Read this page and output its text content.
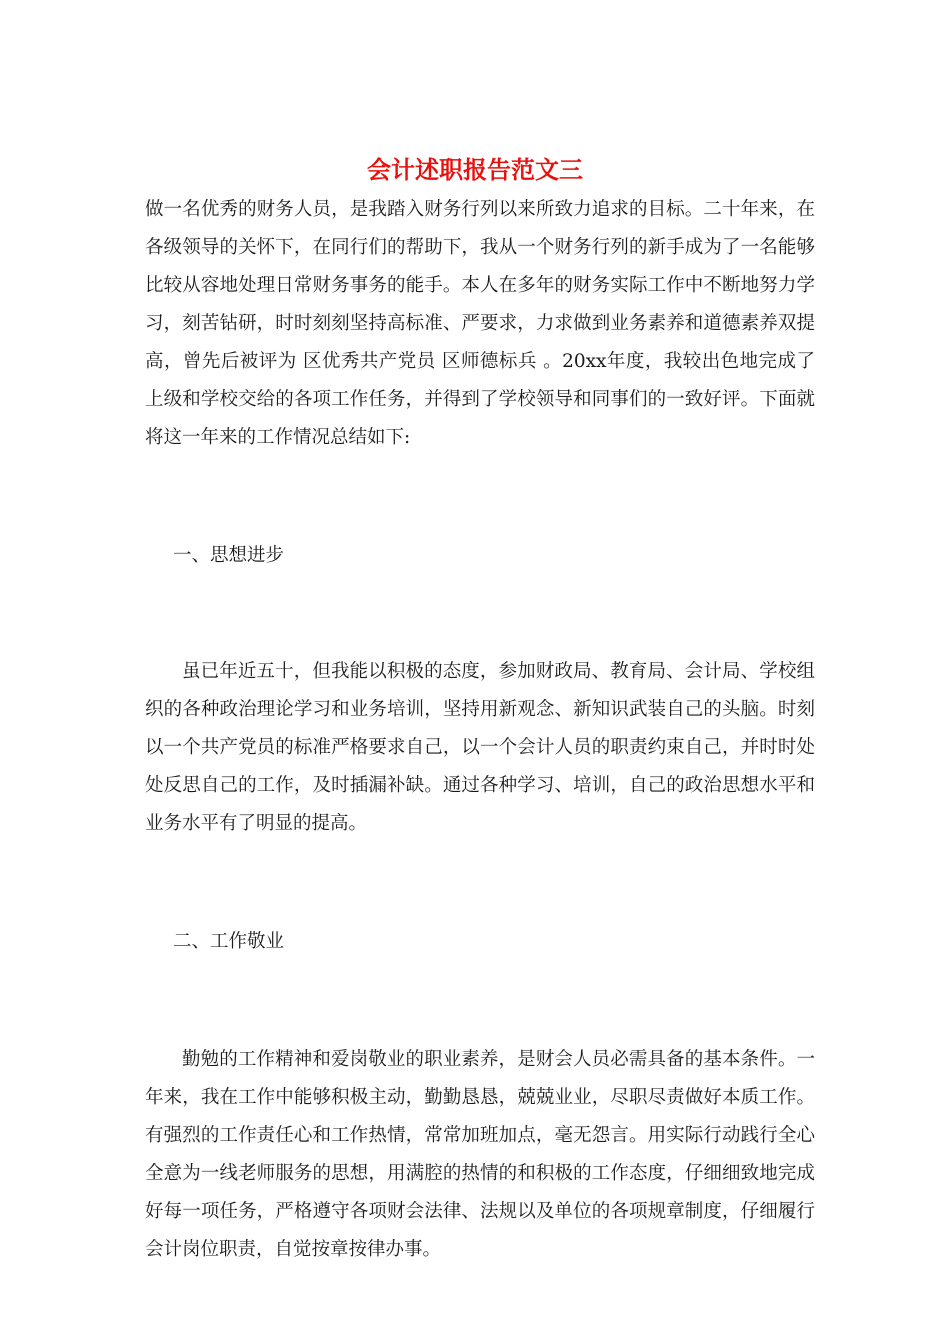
会计述职报告范文三

做一名优秀的财务人员，是我踏入财务行列以来所致力追求的目标。二十年来，在各级领导的关怀下，在同行们的帮助下，我从一个财务行列的新手成为了一名能够比较从容地处理日常财务事务的能手。本人在多年的财务实际工作中不断地努力学习，刻苦钻研，时时刻刻坚持高标准、严要求，力求做到业务素养和道德素养双提高，曾先后被评为 区优秀共产党员 区师德标兵 。20xx年度，我较出色地完成了上级和学校交给的各项工作任务，并得到了学校领导和同事们的一致好评。下面就将这一年来的工作情况总结如下:

一、思想进步

虽已年近五十，但我能以积极的态度，参加财政局、教育局、会计局、学校组织的各种政治理论学习和业务培训，坚持用新观念、新知识武装自己的头脑。时刻以一个共产党员的标准严格要求自己，以一个会计人员的职责约束自己，并时时处处反思自己的工作，及时插漏补缺。通过各种学习、培训，自己的政治思想水平和业务水平有了明显的提高。

二、工作敬业

勤勉的工作精神和爱岗敬业的职业素养，是财会人员必需具备的基本条件。一年来，我在工作中能够积极主动，勤勤恳恳，兢兢业业，尽职尽责做好本质工作。有强烈的工作责任心和工作热情，常常加班加点，毫无怨言。用实际行动践行全心全意为一线老师服务的思想，用满腔的热情的和积极的工作态度，仔细细致地完成好每一项任务，严格遵守各项财会法律、法规以及单位的各项规章制度，仔细履行会计岗位职责，自觉按章按律办事。
